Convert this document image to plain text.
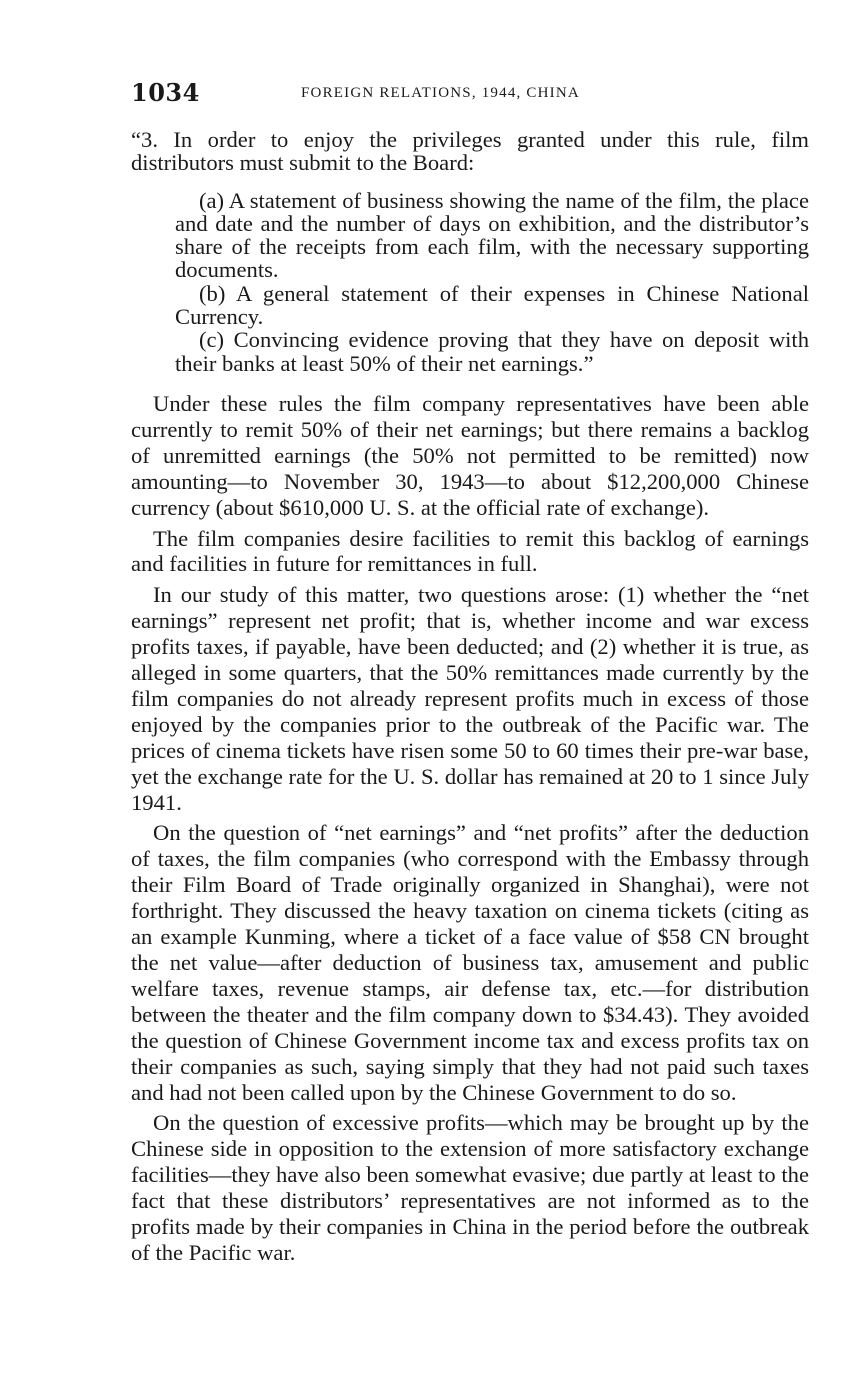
1034	FOREIGN RELATIONS, 1944, CHINA

“3. In order to enjoy the privileges granted under this rule, film distributors must submit to the Board:

(a) A statement of business showing the name of the film, the place and date and the number of days on exhibition, and the distributor’s share of the receipts from each film, with the necessary supporting documents.

(b) A general statement of their expenses in Chinese National Currency.

(c) Convincing evidence proving that they have on deposit with their banks at least 50% of their net earnings.”

Under these rules the film company representatives have been able currently to remit 50% of their net earnings; but there remains a backlog of unremitted earnings (the 50% not permitted to be remitted) now amounting—to November 30, 1943—to about $12,200,000 Chinese currency (about $610,000 U. S. at the official rate of exchange).

The film companies desire facilities to remit this backlog of earnings and facilities in future for remittances in full.

In our study of this matter, two questions arose: (1) whether the “net earnings” represent net profit; that is, whether income and war excess profits taxes, if payable, have been deducted; and (2) whether it is true, as alleged in some quarters, that the 50% remittances made currently by the film companies do not already represent profits much in excess of those enjoyed by the companies prior to the outbreak of the Pacific war. The prices of cinema tickets have risen some 50 to 60 times their pre-war base, yet the exchange rate for the U. S. dollar has remained at 20 to 1 since July 1941.

On the question of “net earnings” and “net profits” after the deduction of taxes, the film companies (who correspond with the Embassy through their Film Board of Trade originally organized in Shanghai), were not forthright. They discussed the heavy taxation on cinema tickets (citing as an example Kunming, where a ticket of a face value of $58 CN brought the net value—after deduction of business tax, amusement and public welfare taxes, revenue stamps, air defense tax, etc.—for distribution between the theater and the film company down to $34.43). They avoided the question of Chinese Government income tax and excess profits tax on their companies as such, saying simply that they had not paid such taxes and had not been called upon by the Chinese Government to do so.

On the question of excessive profits—which may be brought up by the Chinese side in opposition to the extension of more satisfactory exchange facilities—they have also been somewhat evasive; due partly at least to the fact that these distributors’ representatives are not informed as to the profits made by their companies in China in the period before the outbreak of the Pacific war.
